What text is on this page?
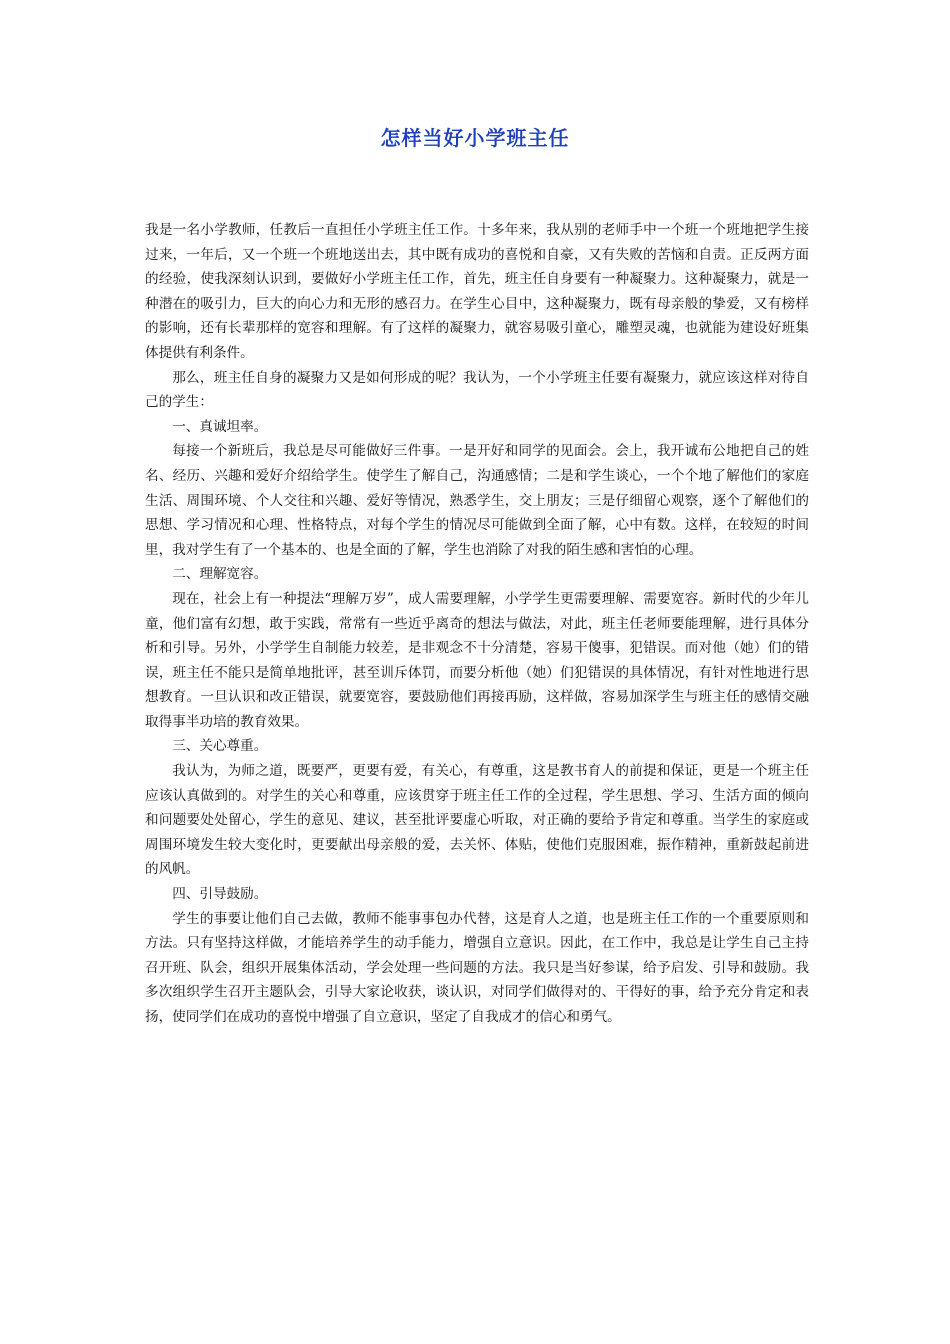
怎样当好小学班主任

我是一名小学教师，任教后一直担任小学班主任工作。十多年来，我从别的老师手中一个班一个班地把学生接过来，一年后，又一个班一个班地送出去，其中既有成功的喜悦和自豪，又有失败的苦恼和自责。正反两方面的经验，使我深刻认识到，要做好小学班主任工作，首先，班主任自身要有一种凝聚力。这种凝聚力，就是一种潜在的吸引力，巨大的向心力和无形的感召力。在学生心目中，这种凝聚力，既有母亲般的挚爱，又有榜样的影响，还有长辈那样的宽容和理解。有了这样的凝聚力，就容易吸引童心，雕塑灵魂，也就能为建设好班集体提供有利条件。

那么，班主任自身的凝聚力又是如何形成的呢？我认为，一个小学班主任要有凝聚力，就应该这样对待自己的学生：

一、真诚坦率。

每接一个新班后，我总是尽可能做好三件事。一是开好和同学的见面会。会上，我开诚布公地把自己的姓名、经历、兴趣和爱好介绍给学生。使学生了解自己，沟通感情；二是和学生谈心，一个个地了解他们的家庭生活、周围环境、个人交往和兴趣、爱好等情况，熟悉学生，交上朋友；三是仔细留心观察，逐个了解他们的思想、学习情况和心理、性格特点，对每个学生的情况尽可能做到全面了解，心中有数。这样，在较短的时间里，我对学生有了一个基本的、也是全面的了解，学生也消除了对我的陌生感和害怕的心理。

二、理解宽容。

现在，社会上有一种提法“理解万岁”，成人需要理解，小学学生更需要理解、需要宽容。新时代的少年儿童，他们富有幻想，敢于实践，常常有一些近乎离奇的想法与做法，对此，班主任老师要能理解，进行具体分析和引导。另外，小学学生自制能力较差，是非观念不十分清楚，容易干傻事，犯错误。而对他（她）们的错误，班主任不能只是简单地批评，甚至训斥体罚，而要分析他（她）们犯错误的具体情况，有针对性地进行思想教育。一旦认识和改正错误，就要宽容，要鼓励他们再接再励，这样做，容易加深学生与班主任的感情交融取得事半功培的教育效果。

三、关心尊重。

我认为，为师之道，既要严，更要有爱，有关心，有尊重，这是教书育人的前提和保证，更是一个班主任应该认真做到的。对学生的关心和尊重，应该贯穿于班主任工作的全过程，学生思想、学习、生活方面的倾向和问题要处处留心，学生的意见、建议，甚至批评要虚心听取，对正确的要给予肯定和尊重。当学生的家庭或周围环境发生较大变化时，更要献出母亲般的爱，去关怀、体贴，使他们克服困难，振作精神，重新鼓起前进的风帆。

四、引导鼓励。

学生的事要让他们自己去做，教师不能事事包办代替，这是育人之道，也是班主任工作的一个重要原则和方法。只有坚持这样做，才能培养学生的动手能力，增强自立意识。因此，在工作中，我总是让学生自己主持召开班、队会，组织开展集体活动，学会处理一些问题的方法。我只是当好参谋，给予启发、引导和鼓励。我多次组织学生召开主题队会，引导大家论收获，谈认识，对同学们做得对的、干得好的事，给予充分肯定和表扬，使同学们在成功的喜悦中增强了自立意识，坚定了自我成才的信心和勇气。
